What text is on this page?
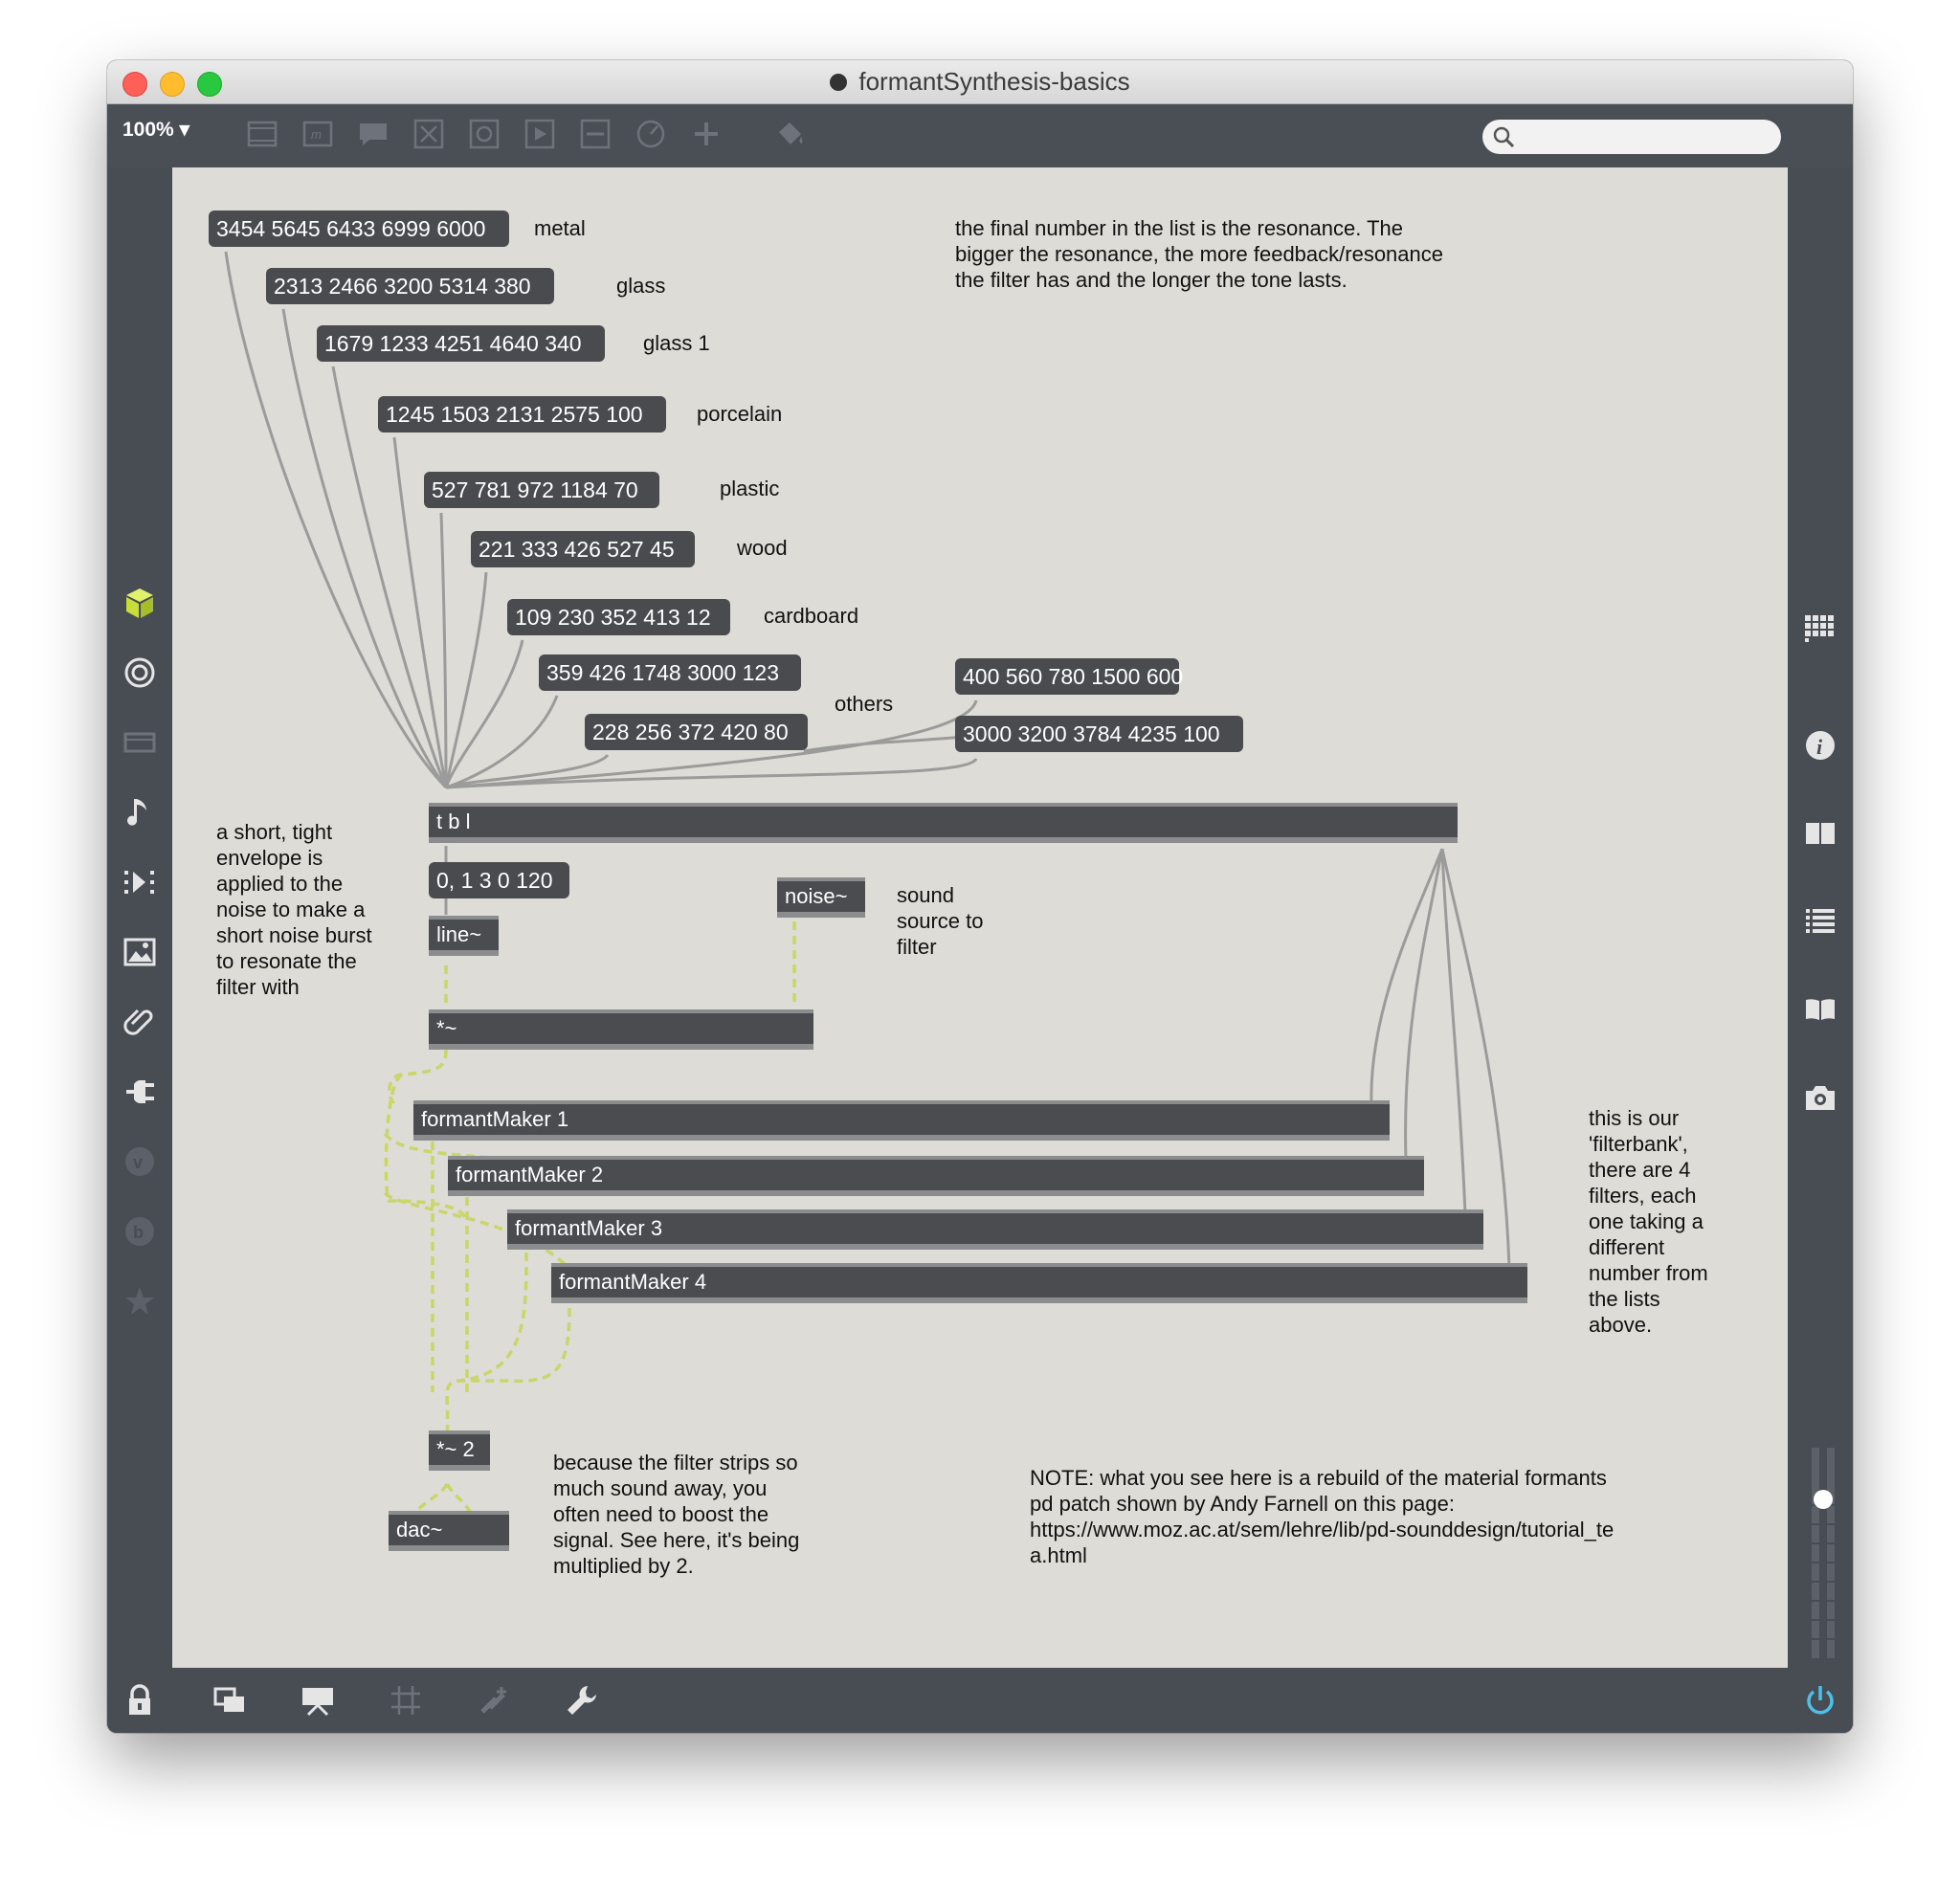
formantSynthesis-basics
100% ▾	m
v
b
i
3454 5645 6433 6999 6000
2313 2466 3200 5314 380
1679 1233 4251 4640 340
1245 1503 2131 2575 100
527 781 972 1184 70
221 333 426 527 45
109 230 352 413 12
359 426 1748 3000 123
228 256 372 420 80
400 560 780 1500 600
3000 3200 3784 4235 100
0, 1 3 0 120
t b l
line~
noise~
*~
formantMaker 1
formantMaker 2
formantMaker 3
formantMaker 4
*~ 2
dac~
metal
glass
glass 1
porcelain
plastic
wood
cardboard
others
the final number in the list is the resonance. The
bigger the resonance, the more feedback/resonance
the filter has and the longer the tone lasts.
a short, tight
envelope is
applied to the
noise to make a
short noise burst
to resonate the
filter with
sound
source to
filter
this is our
'filterbank',
there are 4
filters, each
one taking a
different
number from
the lists
above.
because the filter strips so
much sound away, you
often need to boost the
signal. See here, it's being
multiplied by 2.
NOTE: what you see here is a rebuild of the material formants
pd patch shown by Andy Farnell on this page:
https://www.moz.ac.at/sem/lehre/lib/pd-sounddesign/tutorial_te
a.html
